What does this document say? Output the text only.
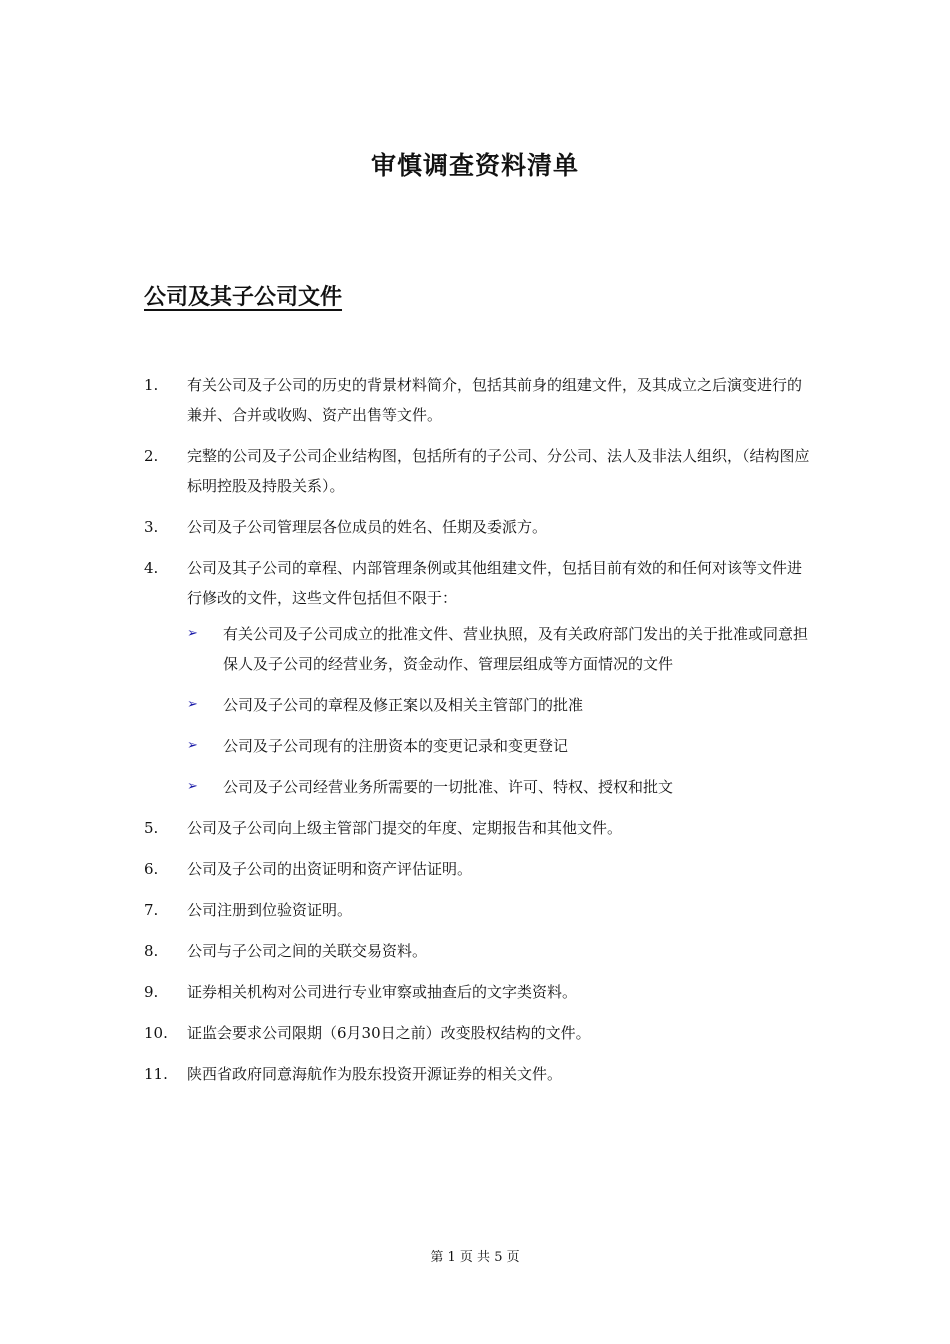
审慎调查资料清单
公司及其子公司文件
1.	有关公司及子公司的历史的背景材料简介，包括其前身的组建文件，及其成立之后演变进行的兼并、合并或收购、资产出售等文件。
2.	完整的公司及子公司企业结构图，包括所有的子公司、分公司、法人及非法人组织，（结构图应标明控股及持股关系）。
3.	公司及子公司管理层各位成员的姓名、任期及委派方。
4.	公司及其子公司的章程、内部管理条例或其他组建文件，包括目前有效的和任何对该等文件进行修改的文件，这些文件包括但不限于：
➢	有关公司及子公司成立的批准文件、营业执照，及有关政府部门发出的关于批准或同意担保人及子公司的经营业务，资金动作、管理层组成等方面情况的文件
➢	公司及子公司的章程及修正案以及相关主管部门的批准
➢	公司及子公司现有的注册资本的变更记录和变更登记
➢	公司及子公司经营业务所需要的一切批准、许可、特权、授权和批文
5.	公司及子公司向上级主管部门提交的年度、定期报告和其他文件。
6.	公司及子公司的出资证明和资产评估证明。
7.	公司注册到位验资证明。
8.	公司与子公司之间的关联交易资料。
9.	证券相关机构对公司进行专业审察或抽查后的文字类资料。
10.	证监会要求公司限期（6月30日之前）改变股权结构的文件。
11.	陕西省政府同意海航作为股东投资开源证券的相关文件。
第 1 页 共 5 页
